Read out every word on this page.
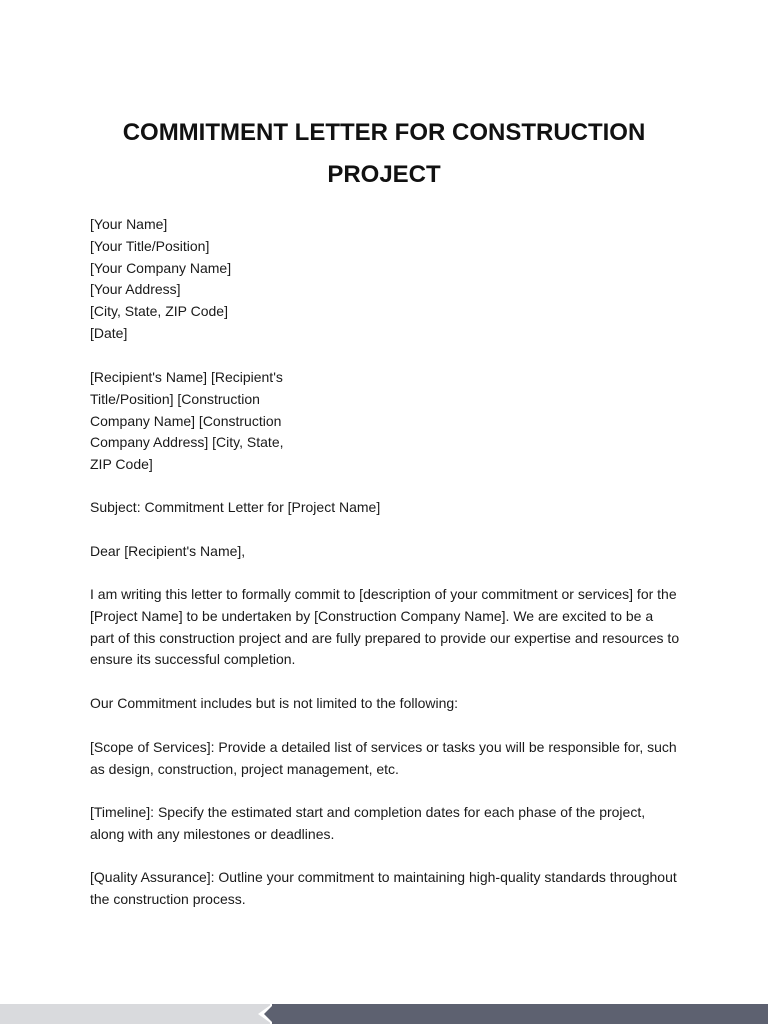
COMMITMENT LETTER FOR CONSTRUCTION
PROJECT
[Your Name]
[Your Title/Position]
[Your Company Name]
[Your Address]
[City, State, ZIP Code]
[Date]

[Recipient's Name] [Recipient's Title/Position] [Construction Company Name] [Construction Company Address] [City, State, ZIP Code]

Subject: Commitment Letter for [Project Name]

Dear [Recipient's Name],

I am writing this letter to formally commit to [description of your commitment or services] for the [Project Name] to be undertaken by [Construction Company Name]. We are excited to be a part of this construction project and are fully prepared to provide our expertise and resources to ensure its successful completion.

Our Commitment includes but is not limited to the following:

[Scope of Services]: Provide a detailed list of services or tasks you will be responsible for, such as design, construction, project management, etc.

[Timeline]: Specify the estimated start and completion dates for each phase of the project, along with any milestones or deadlines.

[Quality Assurance]: Outline your commitment to maintaining high-quality standards throughout the construction process.
